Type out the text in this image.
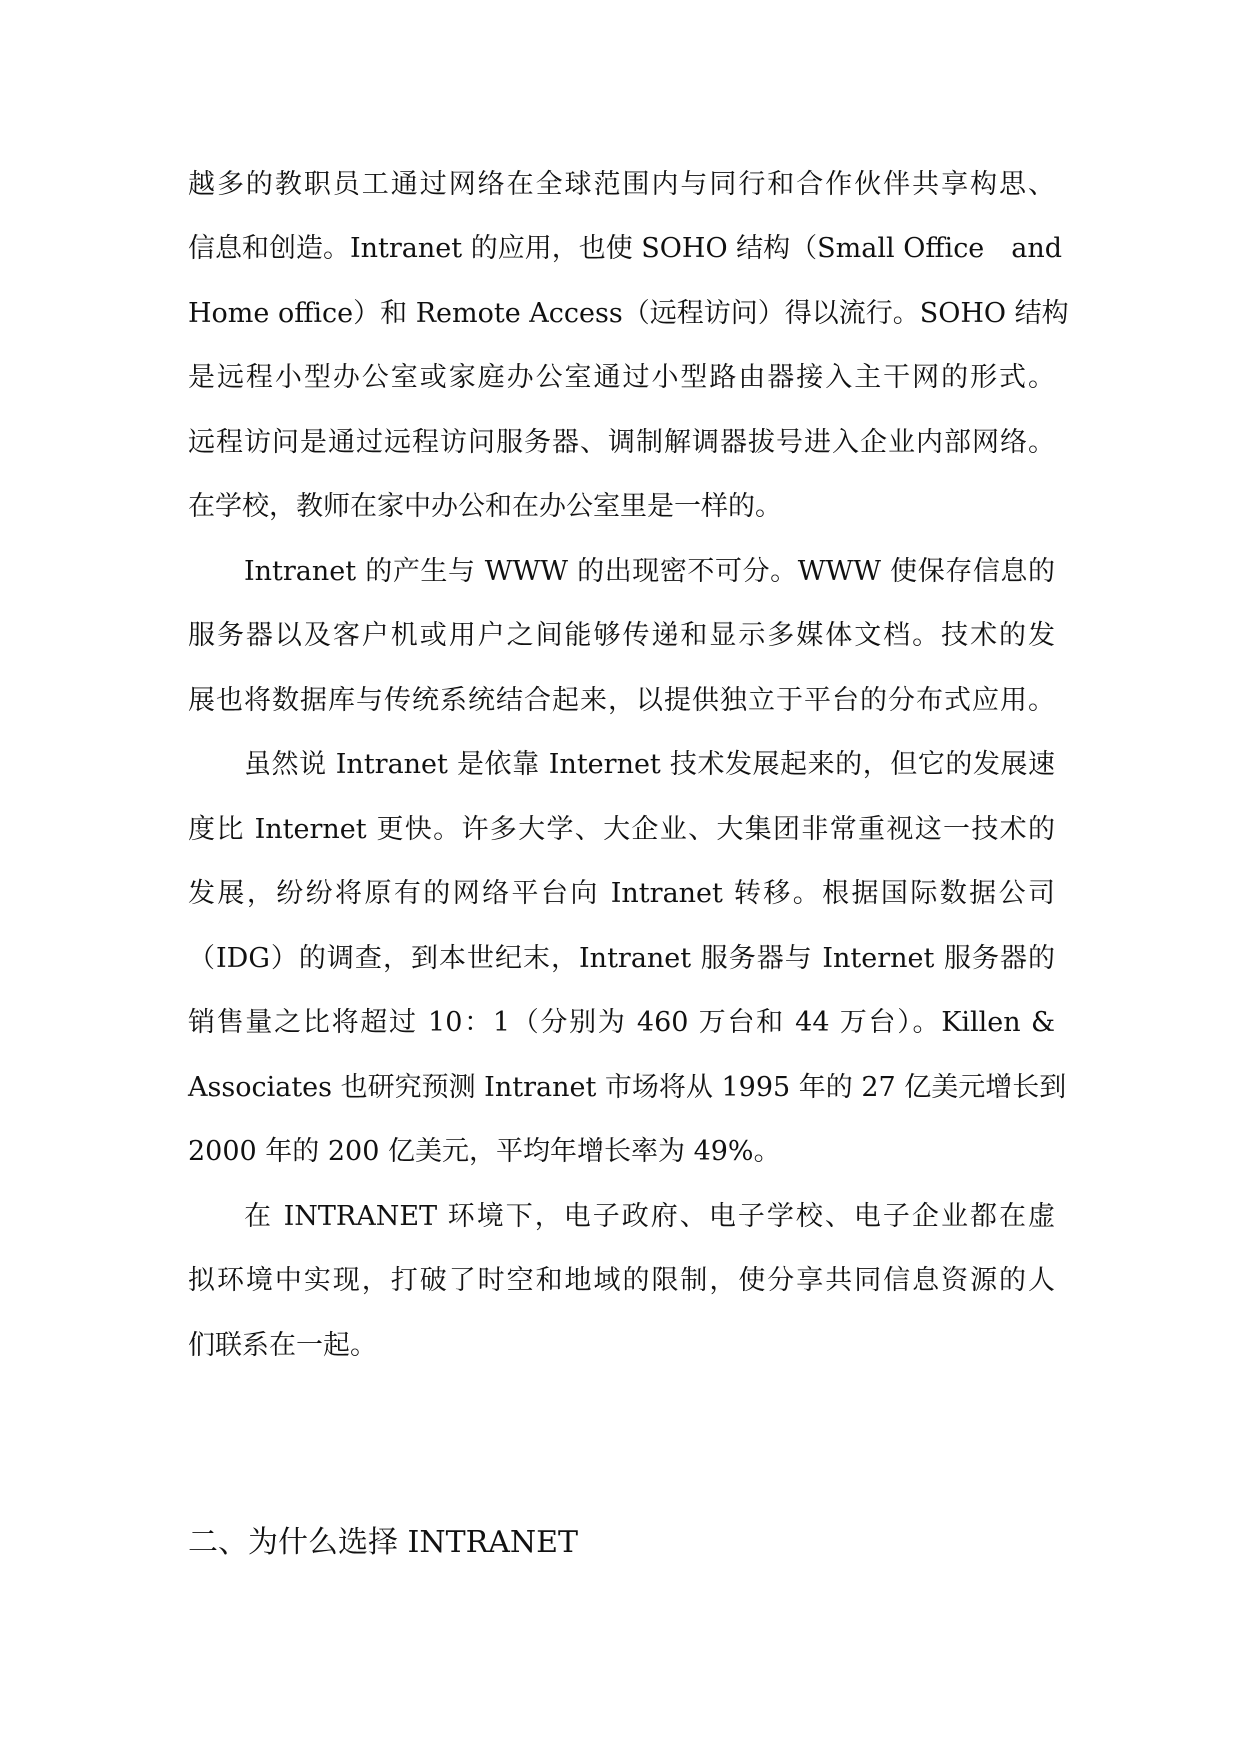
越多的教职员工通过网络在全球范围内与同行和合作伙伴共享构思、
信息和创造。Intranet 的应用，也使 SOHO 结构（Small Office　and
Home office）和 Remote Access（远程访问）得以流行。SOHO 结构
是远程小型办公室或家庭办公室通过小型路由器接入主干网的形式。
远程访问是通过远程访问服务器、调制解调器拔号进入企业内部网络。
在学校，教师在家中办公和在办公室里是一样的。
Intranet 的产生与 WWW 的出现密不可分。WWW 使保存信息的
服务器以及客户机或用户之间能够传递和显示多媒体文档。技术的发
展也将数据库与传统系统结合起来，以提供独立于平台的分布式应用。
虽然说 Intranet 是依靠 Internet 技术发展起来的，但它的发展速
度比 Internet 更快。许多大学、大企业、大集团非常重视这一技术的
发展，纷纷将原有的网络平台向 Intranet 转移。根据国际数据公司
（IDG）的调查，到本世纪末，Intranet 服务器与 Internet 服务器的
销售量之比将超过 10：1（分别为 460 万台和 44 万台）。Killen &
Associates 也研究预测 Intranet 市场将从 1995 年的 27 亿美元增长到
2000 年的 200 亿美元，平均年增长率为 49%。
在 INTRANET 环境下，电子政府、电子学校、电子企业都在虚
拟环境中实现，打破了时空和地域的限制，使分享共同信息资源的人
们联系在一起。
二、为什么选择 INTRANET
